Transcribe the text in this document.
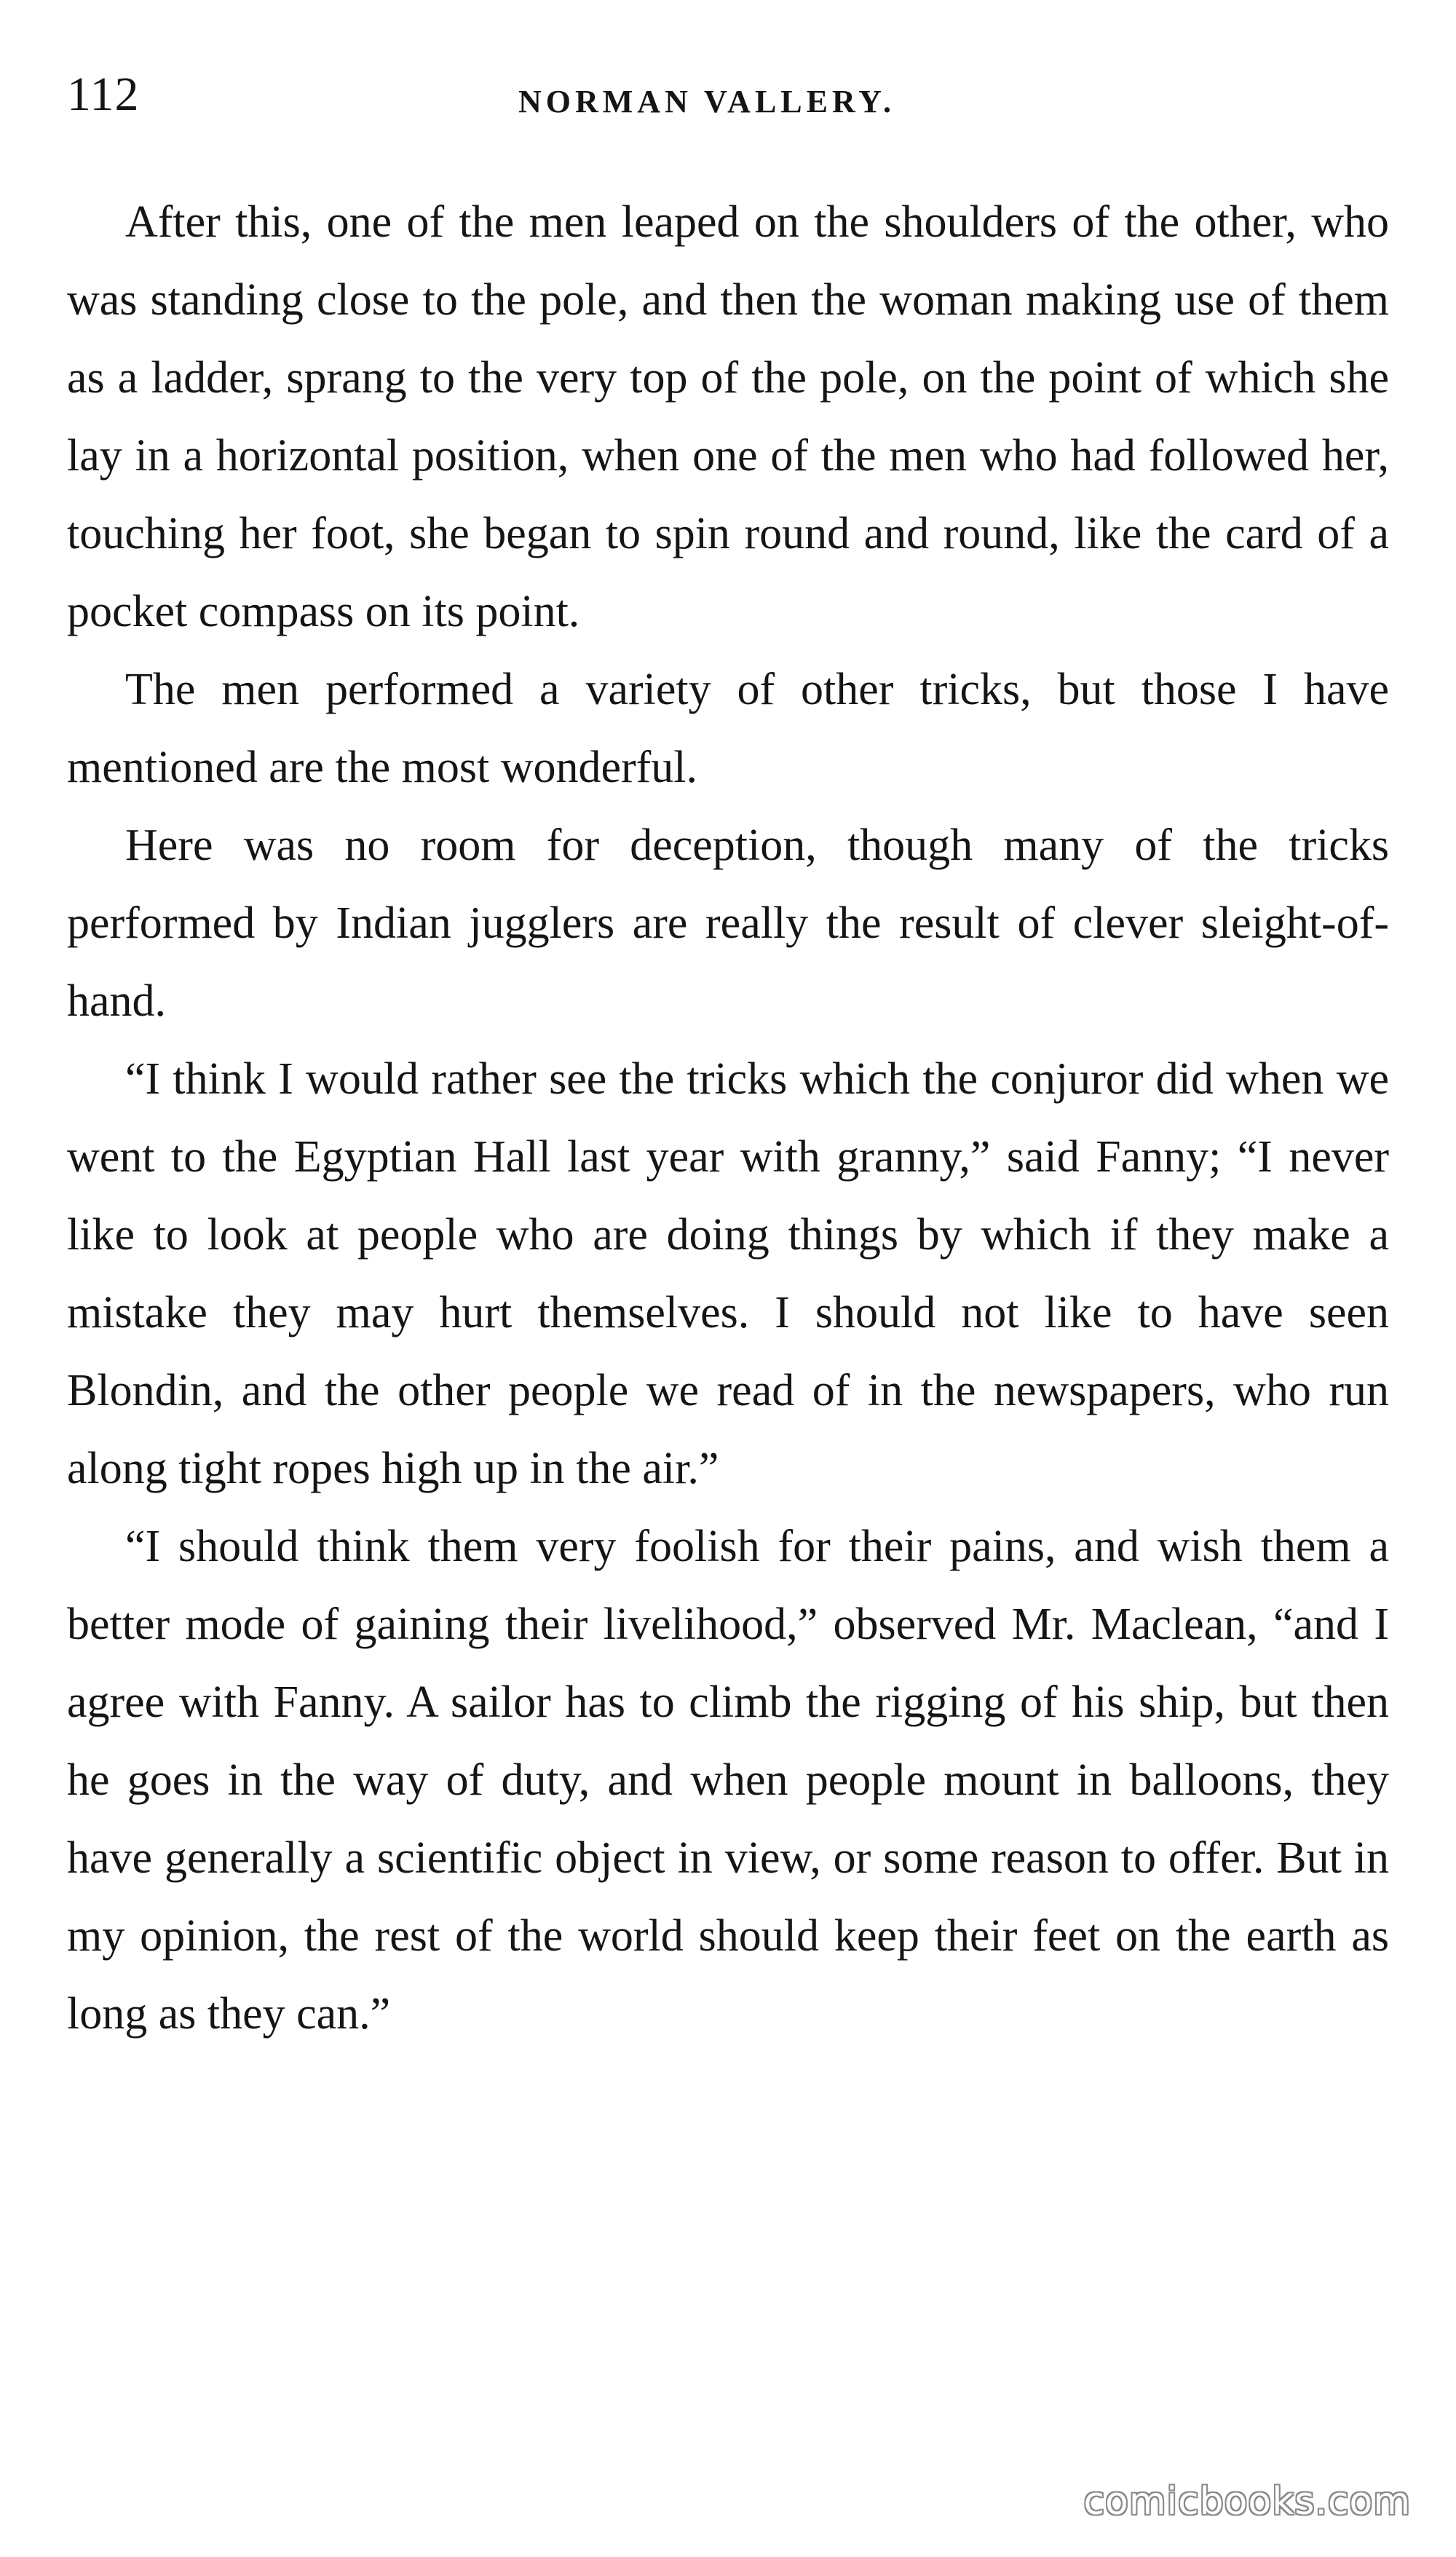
112	NORMAN VALLERY.

After this, one of the men leaped on the shoulders of the other, who was standing close to the pole, and then the woman making use of them as a ladder, sprang to the very top of the pole, on the point of which she lay in a horizontal position, when one of the men who had followed her, touching her foot, she began to spin round and round, like the card of a pocket compass on its point.

The men performed a variety of other tricks, but those I have mentioned are the most wonderful.

Here was no room for deception, though many of the tricks performed by Indian jugglers are really the result of clever sleight-of-hand.

“I think I would rather see the tricks which the conjuror did when we went to the Egyptian Hall last year with granny,” said Fanny; “I never like to look at people who are doing things by which if they make a mistake they may hurt themselves. I should not like to have seen Blondin, and the other people we read of in the newspapers, who run along tight ropes high up in the air.”

“I should think them very foolish for their pains, and wish them a better mode of gaining their livelihood,” observed Mr. Maclean, “and I agree with Fanny. A sailor has to climb the rigging of his ship, but then he goes in the way of duty, and when people mount in balloons, they have generally a scientific object in view, or some reason to offer. But in my opinion, the rest of the world should keep their feet on the earth as long as they can.”

comicbooks.com
